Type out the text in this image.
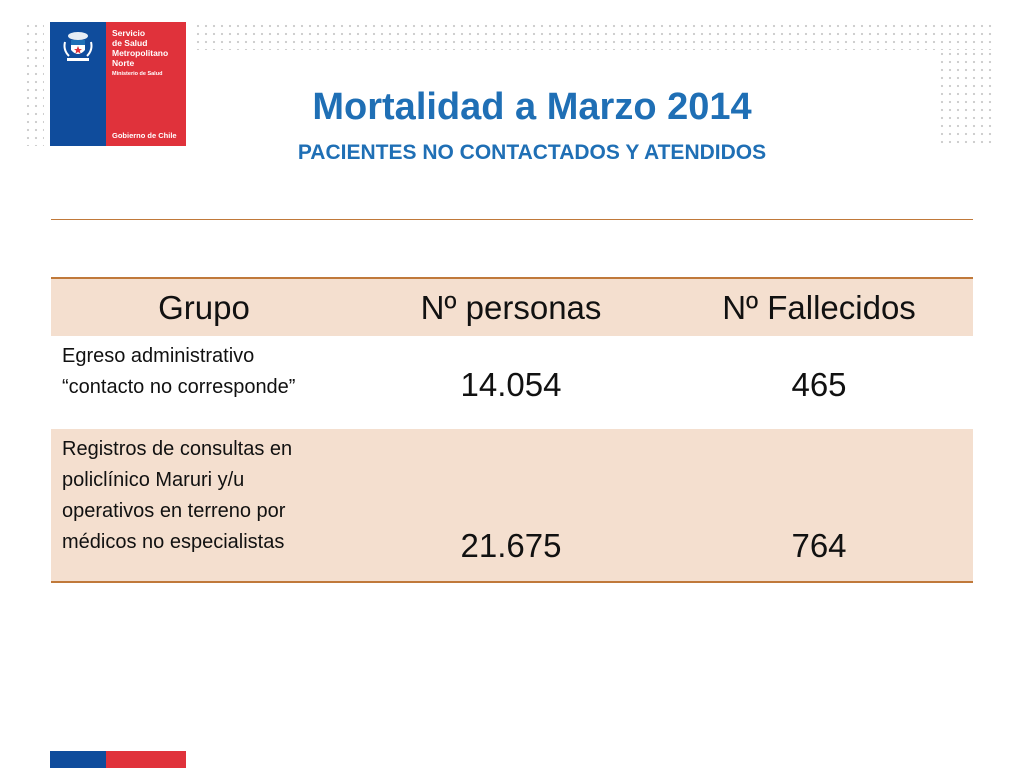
Servicio
de Salud
Metropolitano
Norte
Ministerio de Salud
Gobierno de Chile
Mortalidad a Marzo 2014
PACIENTES NO CONTACTADOS Y ATENDIDOS
Grupo	Nº personas	Nº Fallecidos

Egreso administrativo
“contacto no corresponde”	14.054	465

Registros de consultas en
policlínico Maruri y/u
operativos en terreno por
médicos no especialistas	21.675	764
